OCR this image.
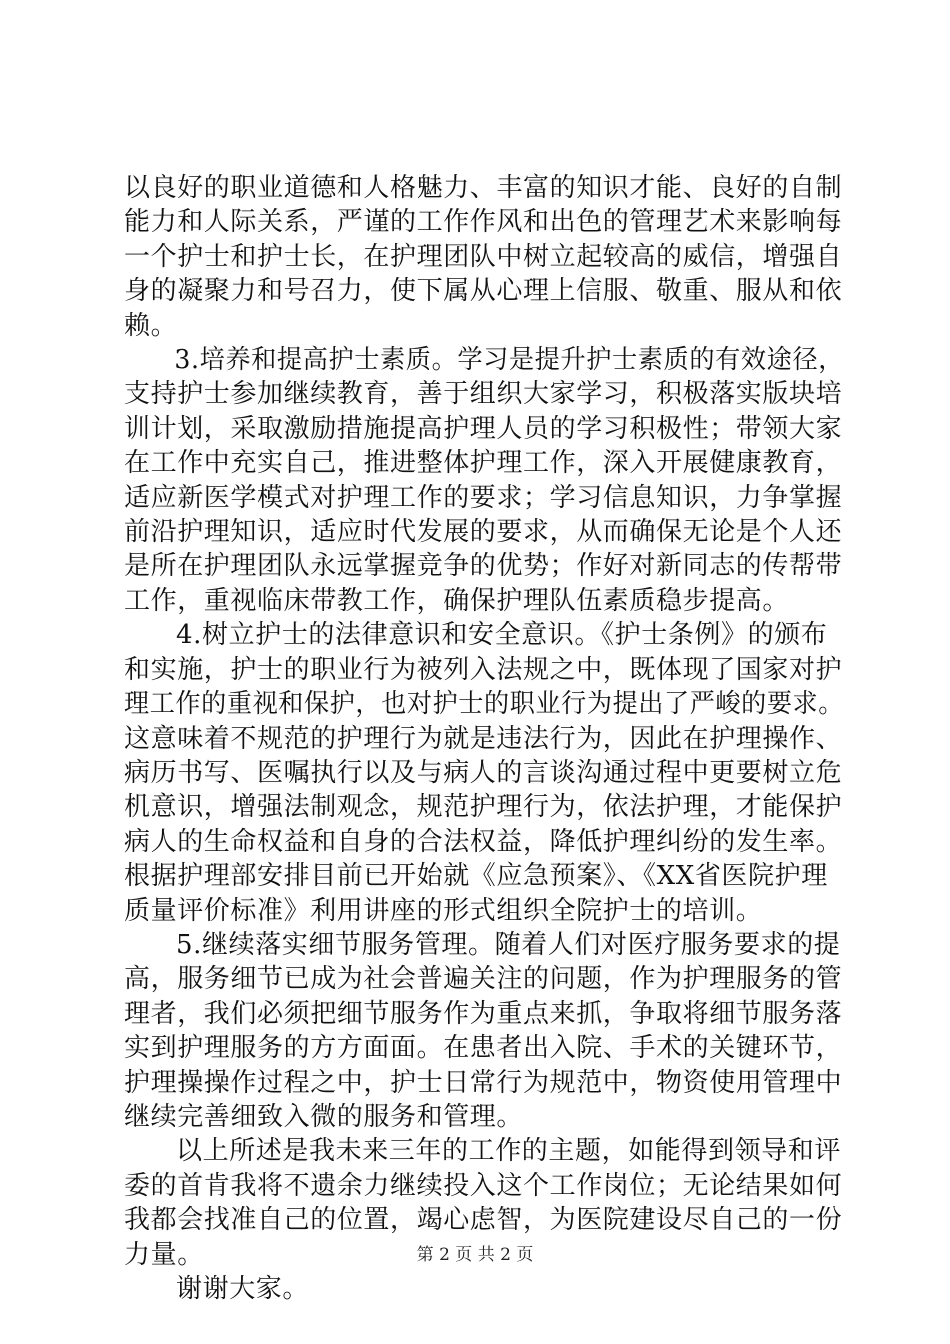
以良好的职业道德和人格魅力、丰富的知识才能、良好的自制
能力和人际关系，严谨的工作作风和出色的管理艺术来影响每
一个护士和护士长，在护理团队中树立起较高的威信，增强自
身的凝聚力和号召力，使下属从心理上信服、敬重、服从和依
赖。

3.培养和提高护士素质。学习是提升护士素质的有效途径，
支持护士参加继续教育，善于组织大家学习，积极落实版块培
训计划，采取激励措施提高护理人员的学习积极性；带领大家
在工作中充实自己，推进整体护理工作，深入开展健康教育，
适应新医学模式对护理工作的要求；学习信息知识，力争掌握
前沿护理知识，适应时代发展的要求，从而确保无论是个人还
是所在护理团队永远掌握竞争的优势；作好对新同志的传帮带
工作，重视临床带教工作，确保护理队伍素质稳步提高。

4.树立护士的法律意识和安全意识。《护士条例》的颁布
和实施，护士的职业行为被列入法规之中，既体现了国家对护
理工作的重视和保护，也对护士的职业行为提出了严峻的要求。
这意味着不规范的护理行为就是违法行为，因此在护理操作、
病历书写、医嘱执行以及与病人的言谈沟通过程中更要树立危
机意识，增强法制观念，规范护理行为，依法护理，才能保护
病人的生命权益和自身的合法权益，降低护理纠纷的发生率。
根据护理部安排目前已开始就《应急预案》、《XX省医院护理
质量评价标准》利用讲座的形式组织全院护士的培训。

5.继续落实细节服务管理。随着人们对医疗服务要求的提
高，服务细节已成为社会普遍关注的问题，作为护理服务的管
理者，我们必须把细节服务作为重点来抓，争取将细节服务落
实到护理服务的方方面面。在患者出入院、手术的关键环节，
护理操操作过程之中，护士日常行为规范中，物资使用管理中
继续完善细致入微的服务和管理。

以上所述是我未来三年的工作的主题，如能得到领导和评
委的首肯我将不遗余力继续投入这个工作岗位；无论结果如何
我都会找准自己的位置，竭心虑智，为医院建设尽自己的一份
力量。

谢谢大家。

第 2 页 共 2 页
